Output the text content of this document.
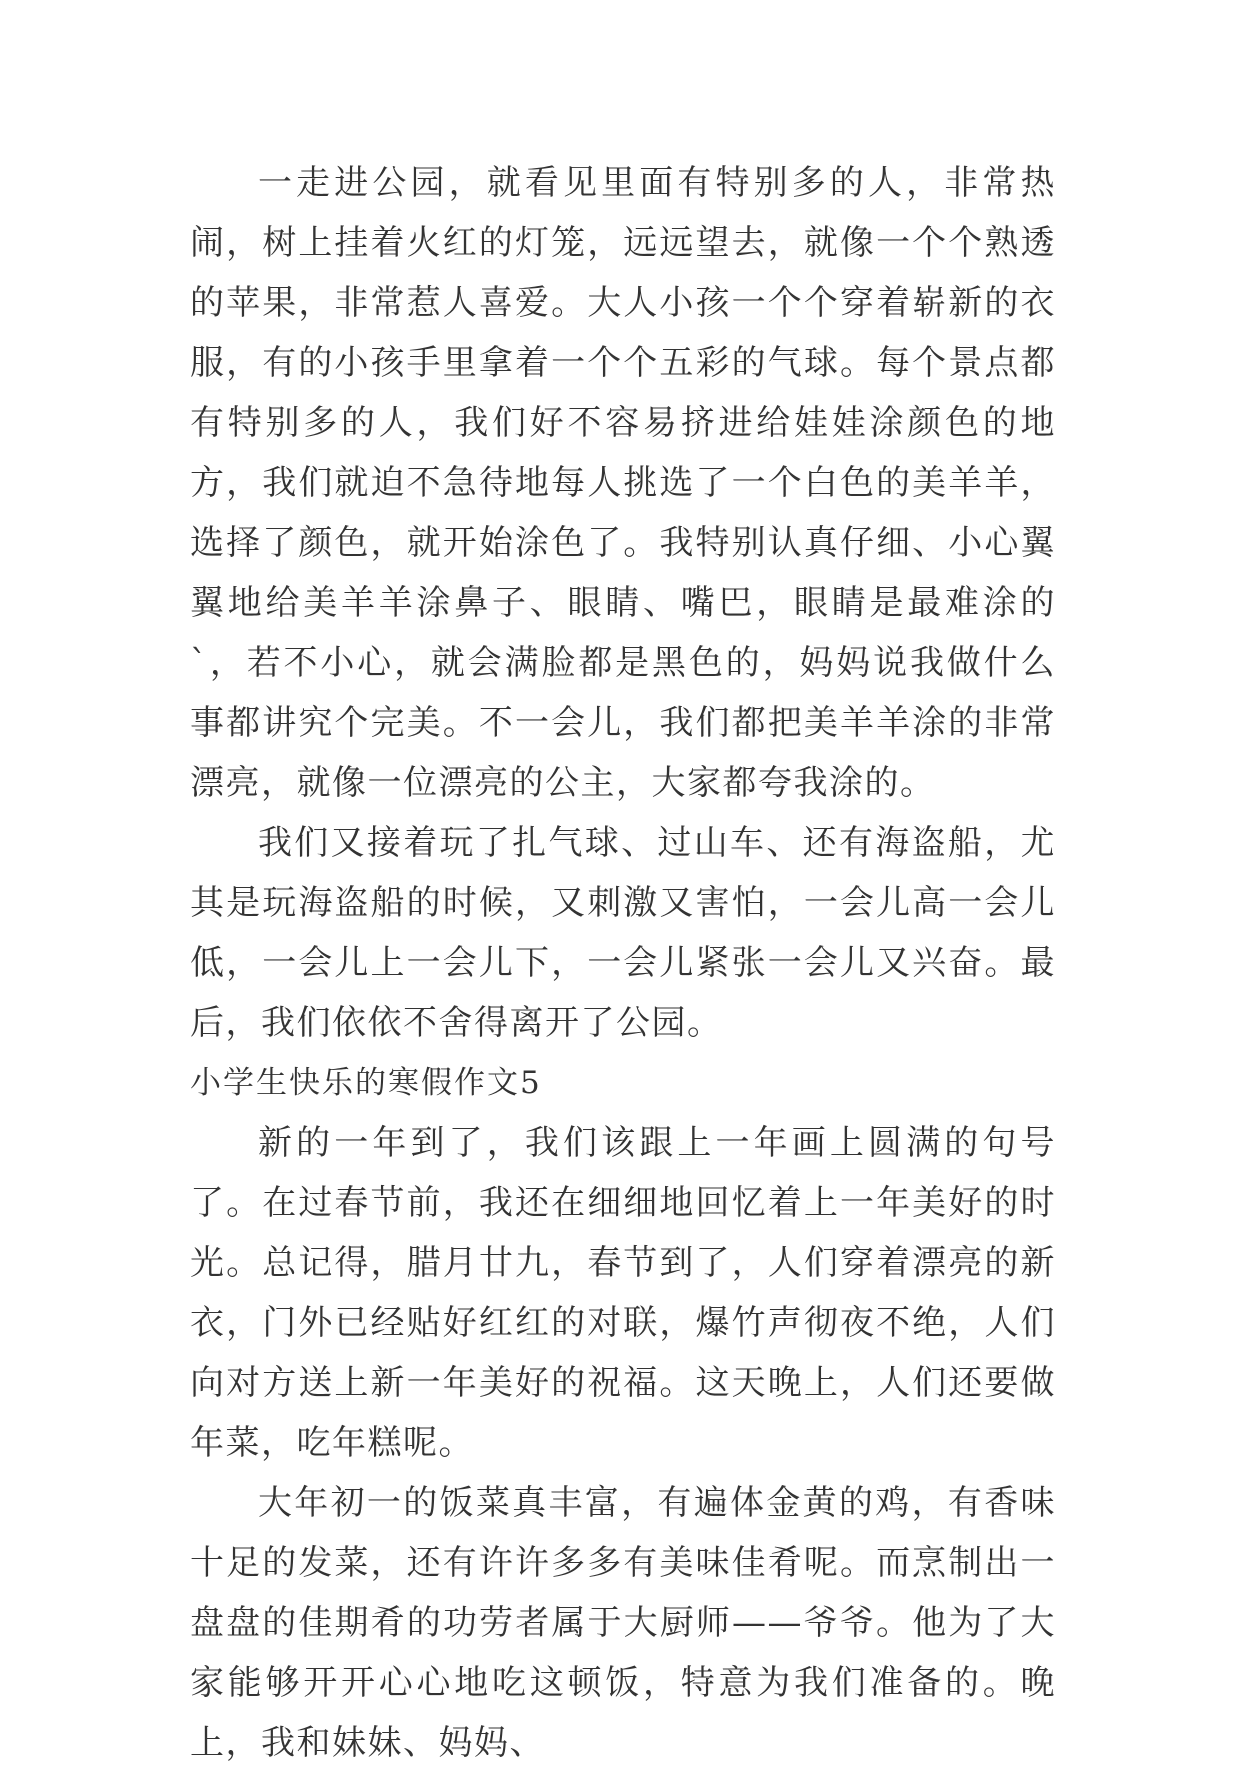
一走进公园，就看见里面有特别多的人，非常热闹，树上挂着火红的灯笼，远远望去，就像一个个熟透的苹果，非常惹人喜爱。大人小孩一个个穿着崭新的衣服，有的小孩手里拿着一个个五彩的气球。每个景点都有特别多的人，我们好不容易挤进给娃娃涂颜色的地方，我们就迫不急待地每人挑选了一个白色的美羊羊，选择了颜色，就开始涂色了。我特别认真仔细、小心翼翼地给美羊羊涂鼻子、眼睛、嘴巴，眼睛是最难涂的`，若不小心，就会满脸都是黑色的，妈妈说我做什么事都讲究个完美。不一会儿，我们都把美羊羊涂的非常漂亮，就像一位漂亮的公主，大家都夸我涂的。

我们又接着玩了扎气球、过山车、还有海盗船，尤其是玩海盗船的时候，又刺激又害怕，一会儿高一会儿低，一会儿上一会儿下，一会儿紧张一会儿又兴奋。最后，我们依依不舍得离开了公园。

小学生快乐的寒假作文5

新的一年到了，我们该跟上一年画上圆满的句号了。在过春节前，我还在细细地回忆着上一年美好的时光。总记得，腊月廿九，春节到了，人们穿着漂亮的新衣，门外已经贴好红红的对联，爆竹声彻夜不绝，人们向对方送上新一年美好的祝福。这天晚上，人们还要做年菜，吃年糕呢。

大年初一的饭菜真丰富，有遍体金黄的鸡，有香味十足的发菜，还有许许多多有美味佳肴呢。而烹制出一盘盘的佳期肴的功劳者属于大厨师——爷爷。他为了大家能够开开心心地吃这顿饭，特意为我们准备的。晚上，我和妹妹、妈妈、
